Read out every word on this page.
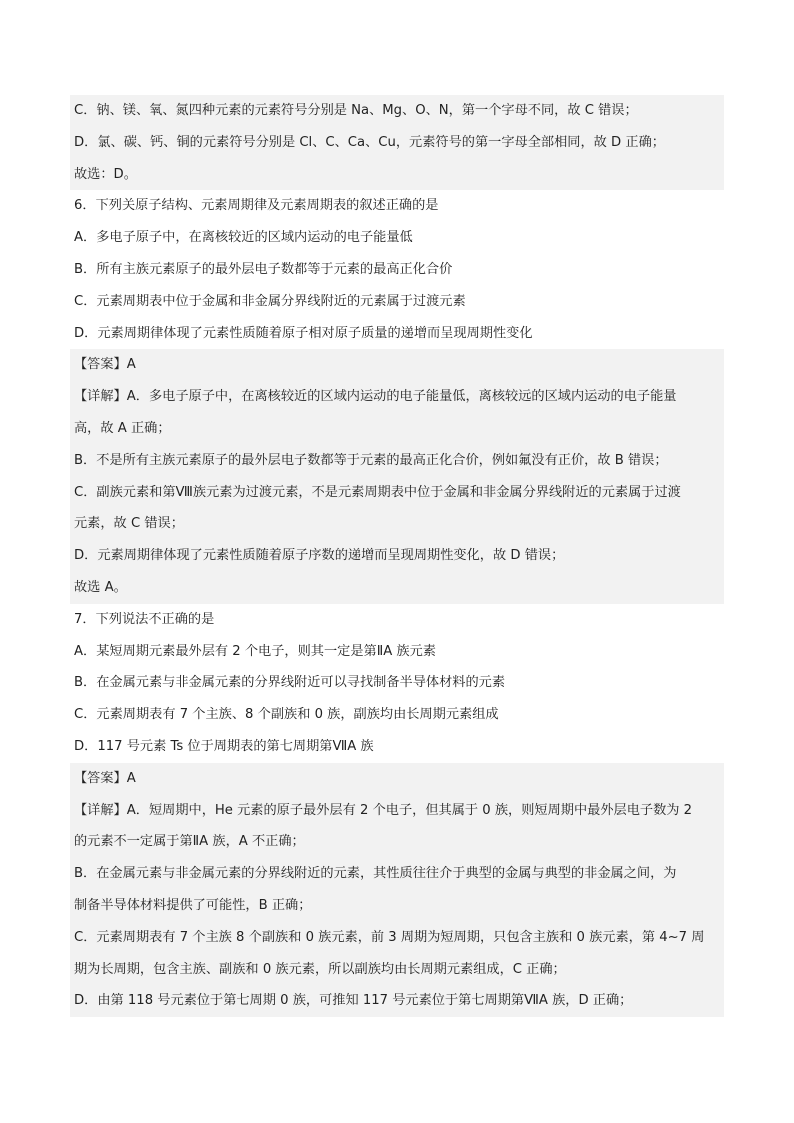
C．钠、镁、氧、氮四种元素的元素符号分别是 Na、Mg、O、N，第一个字母不同，故 C 错误；
D．氯、碳、钙、铜的元素符号分别是 Cl、C、Ca、Cu，元素符号的第一字母全部相同，故 D 正确；
故选：D。
6．下列关原子结构、元素周期律及元素周期表的叙述正确的是
A．多电子原子中，在离核较近的区域内运动的电子能量低
B．所有主族元素原子的最外层电子数都等于元素的最高正化合价
C．元素周期表中位于金属和非金属分界线附近的元素属于过渡元素
D．元素周期律体现了元素性质随着原子相对原子质量的递增而呈现周期性变化
【答案】A
【详解】A．多电子原子中，在离核较近的区域内运动的电子能量低，离核较远的区域内运动的电子能量
高，故 A 正确；
B．不是所有主族元素原子的最外层电子数都等于元素的最高正化合价，例如氟没有正价，故 B 错误；
C．副族元素和第Ⅷ族元素为过渡元素，不是元素周期表中位于金属和非金属分界线附近的元素属于过渡
元素，故 C 错误；
D．元素周期律体现了元素性质随着原子序数的递增而呈现周期性变化，故 D 错误；
故选 A。
7．下列说法不正确的是
A．某短周期元素最外层有 2 个电子，则其一定是第ⅡA 族元素
B．在金属元素与非金属元素的分界线附近可以寻找制备半导体材料的元素
C．元素周期表有 7 个主族、8 个副族和 0 族，副族均由长周期元素组成
D．117 号元素 Ts 位于周期表的第七周期第ⅦA 族
【答案】A
【详解】A．短周期中，He 元素的原子最外层有 2 个电子，但其属于 0 族，则短周期中最外层电子数为 2
的元素不一定属于第ⅡA 族，A 不正确；
B．在金属元素与非金属元素的分界线附近的元素，其性质往往介于典型的金属与典型的非金属之间，为
制备半导体材料提供了可能性，B 正确；
C．元素周期表有 7 个主族 8 个副族和 0 族元素，前 3 周期为短周期，只包含主族和 0 族元素，第 4~7 周
期为长周期，包含主族、副族和 0 族元素，所以副族均由长周期元素组成，C 正确；
D．由第 118 号元素位于第七周期 0 族，可推知 117 号元素位于第七周期第ⅦA 族，D 正确；
